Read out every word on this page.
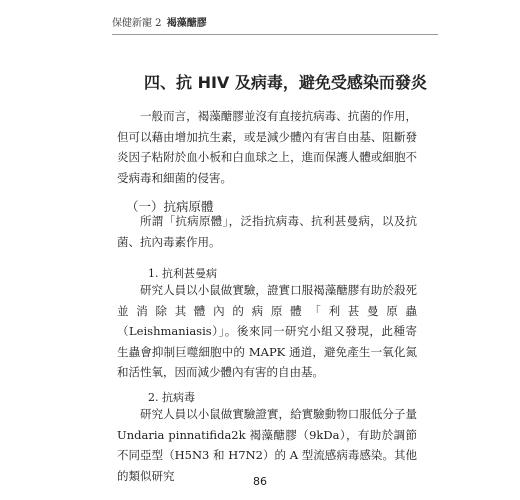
保健新寵 2 褐藻醣膠
四、抗 HIV 及病毒，避免受感染而發炎

一般而言，褐藻醣膠並沒有直接抗病毒、抗菌的作用，但可以藉由增加抗生素，或是減少體內有害自由基、阻斷發炎因子粘附於血小板和白血球之上，進而保護人體或細胞不受病毒和細菌的侵害。

（一）抗病原體

所謂「抗病原體」，泛指抗病毒、抗利甚曼病，以及抗菌、抗內毒素作用。

1. 抗利甚曼病

研究人員以小鼠做實驗，證實口服褐藻醣膠有助於殺死並消除其體內的病原體「利甚曼原蟲（Leishmaniasis）」。後來同一研究小組又發現，此種寄生蟲會抑制巨噬細胞中的 MAPK 通道，避免產生一氧化氮和活性氧，因而減少體內有害的自由基。

2. 抗病毒

研究人員以小鼠做實驗證實，給實驗動物口服低分子量 Undaria pinnatifida2k 褐藻醣膠（9kDa），有助於調節不同亞型（H5N3 和 H7N2）的 A 型流感病毒感染。其他的類似研究	86
